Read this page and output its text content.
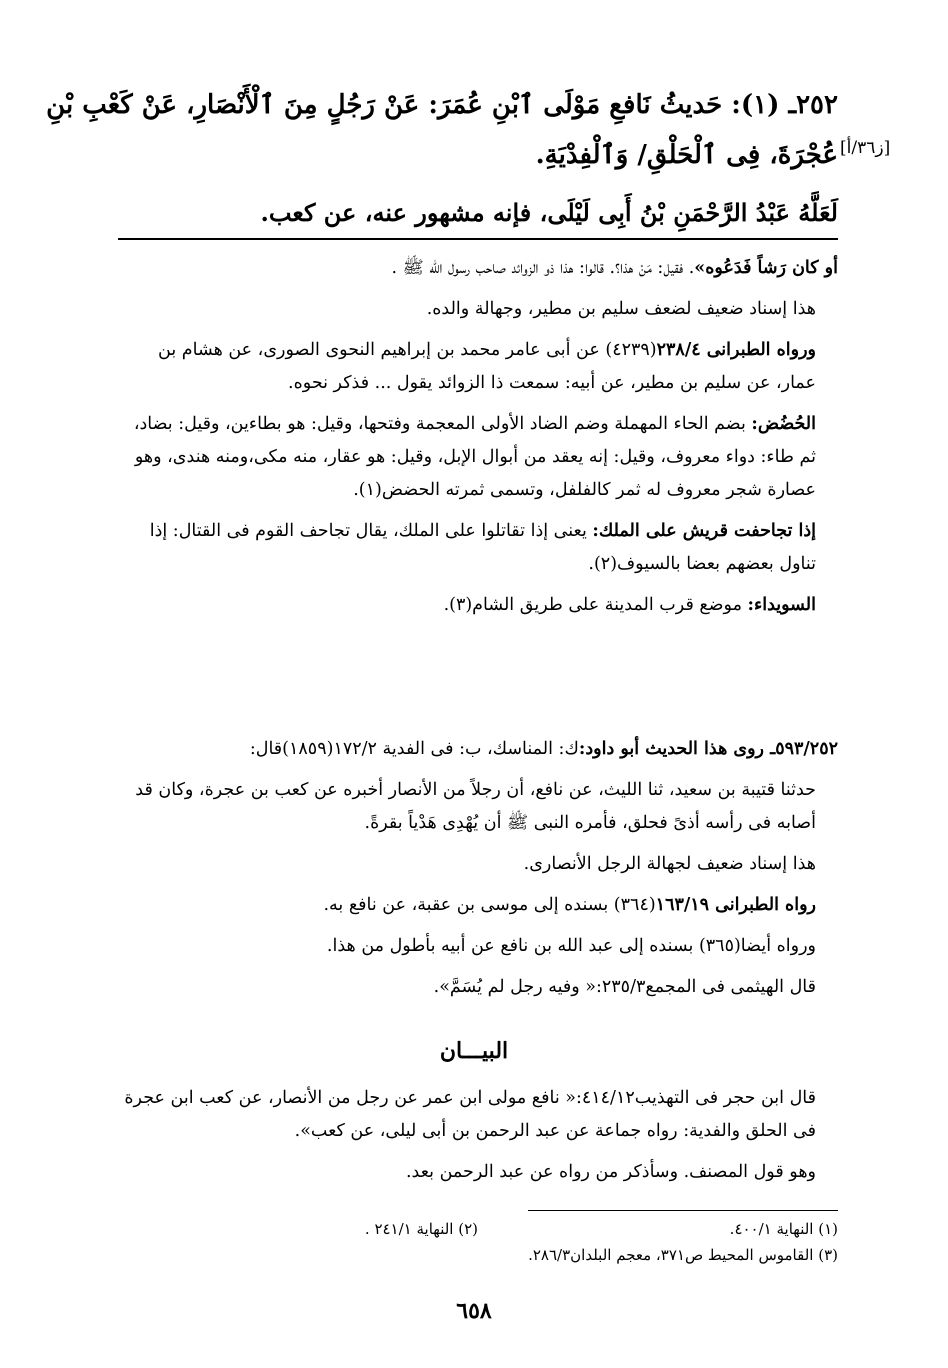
[ز٣٦/أ]
٢٥٢ـ (١): حَديثُ نَافعِ مَوْلَى ٱبْنِ عُمَرَ: عَنْ رَجُلٍ مِنَ ٱلْأَنْصَارِ، عَنْ كَعْبِ بْنِ
عُجْرَةَ، فِى ٱلْحَلْقِ/ وَٱلْفِدْيَةِ.
لَعَلَّهُ عَبْدُ الرَّحْمَنِ بْنُ أَبِى لَيْلَى، فإنه مشهور عنه، عن كعب.

أو كان رَشاً فَدَعُوه». فقيل: مَنْ هذا؟. قالوا: هذا ذو الزوائد صاحب رسول الله ﷺ .

هذا إسناد ضعيف لضعف سليم بن مطير، وجهالة والده.

ورواه الطبرانى ٢٣٨/٤(٤٢٣٩) عن أبى عامر محمد بن إبراهيم النحوى الصورى، عن هشام بن عمار، عن سليم بن مطير، عن أبيه: سمعت ذا الزوائد يقول ... فذكر نحوه.

الحُضُض: بضم الحاء المهملة وضم الضاد الأولى المعجمة وفتحها، وقيل: هو بطاءين، وقيل: بضاد، ثم طاء: دواء معروف، وقيل: إنه يعقد من أبوال الإبل، وقيل: هو عقار، منه مكى،ومنه هندى، وهو عصارة شجر معروف له ثمر كالفلفل، وتسمى ثمرته الحضض(١).

إذا تجاحفت قريش على الملك: يعنى إذا تقاتلوا على الملك، يقال تجاحف القوم فى القتال: إذا تناول بعضهم بعضا بالسيوف(٢).

السويداء: موضع قرب المدينة على طريق الشام(٣).

٥٩٣/٢٥٢ـ روى هذا الحديث أبو داود:ك: المناسك، ب: فى الفدية ١٧٢/٢(١٨٥٩)قال:

حدثنا قتيبة بن سعيد، ثنا الليث، عن نافع، أن رجلاً من الأنصار أخبره عن كعب بن عجرة، وكان قد أصابه فى رأسه أذىً فحلق، فأمره النبى ﷺ أن يُهْدِى هَدْياً بقرةً.

هذا إسناد ضعيف لجهالة الرجل الأنصارى.

رواه الطبرانى ١٦٣/١٩(٣٦٤) بسنده إلى موسى بن عقبة، عن نافع به.

ورواه أيضا(٣٦٥) بسنده إلى عبد الله بن نافع عن أبيه بأطول من هذا.

قال الهيثمى فى المجمع٢٣٥/٣:« وفيه رجل لم يُسَمَّ».

البيـــان

قال ابن حجر فى التهذيب٤١٤/١٢:« نافع مولى ابن عمر عن رجل من الأنصار، عن كعب ابن عجرة فى الحلق والفدية: رواه جماعة عن عبد الرحمن بن أبى ليلى، عن كعب».

وهو قول المصنف. وسأذكر من رواه عن عبد الرحمن بعد.

(١) النهاية ٤٠٠/١.
(٢) النهاية ٢٤١/١ .
(٣) القاموس المحيط ص٣٧١، معجم البلدان٢٨٦/٣.
٦٥٨
